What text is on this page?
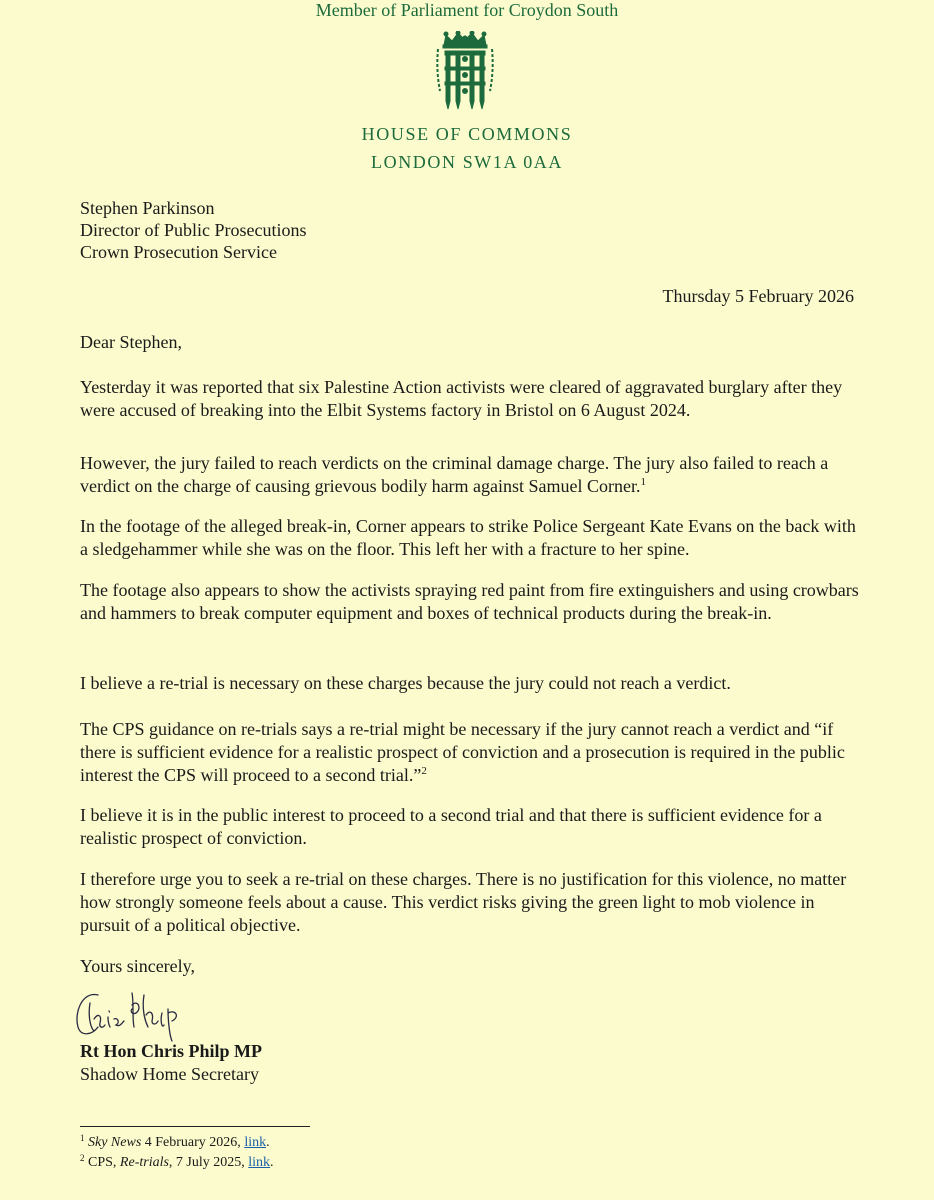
Member of Parliament for Croydon South
HOUSE OF COMMONS
LONDON SW1A 0AA
Stephen Parkinson
Director of Public Prosecutions
Crown Prosecution Service
Thursday 5 February 2026
Dear Stephen,

Yesterday it was reported that six Palestine Action activists were cleared of aggravated burglary after they were accused of breaking into the Elbit Systems factory in Bristol on 6 August 2024.

However, the jury failed to reach verdicts on the criminal damage charge. The jury also failed to reach a verdict on the charge of causing grievous bodily harm against Samuel Corner.$^1$

In the footage of the alleged break-in, Corner appears to strike Police Sergeant Kate Evans on the back with a sledgehammer while she was on the floor. This left her with a fracture to her spine.

The footage also appears to show the activists spraying red paint from fire extinguishers and using crowbars and hammers to break computer equipment and boxes of technical products during the break-in.

I believe a re-trial is necessary on these charges because the jury could not reach a verdict.

The CPS guidance on re-trials says a re-trial might be necessary if the jury cannot reach a verdict and “if there is sufficient evidence for a realistic prospect of conviction and a prosecution is required in the public interest the CPS will proceed to a second trial.”$^2$

I believe it is in the public interest to proceed to a second trial and that there is sufficient evidence for a realistic prospect of conviction.

I therefore urge you to seek a re-trial on these charges. There is no justification for this violence, no matter how strongly someone feels about a cause. This verdict risks giving the green light to mob violence in pursuit of a political objective.

Yours sincerely,
Rt Hon Chris Philp MP
Shadow Home Secretary
$^1$ Sky News 4 February 2026, link.
$^2$ CPS, Re-trials, 7 July 2025, link.
